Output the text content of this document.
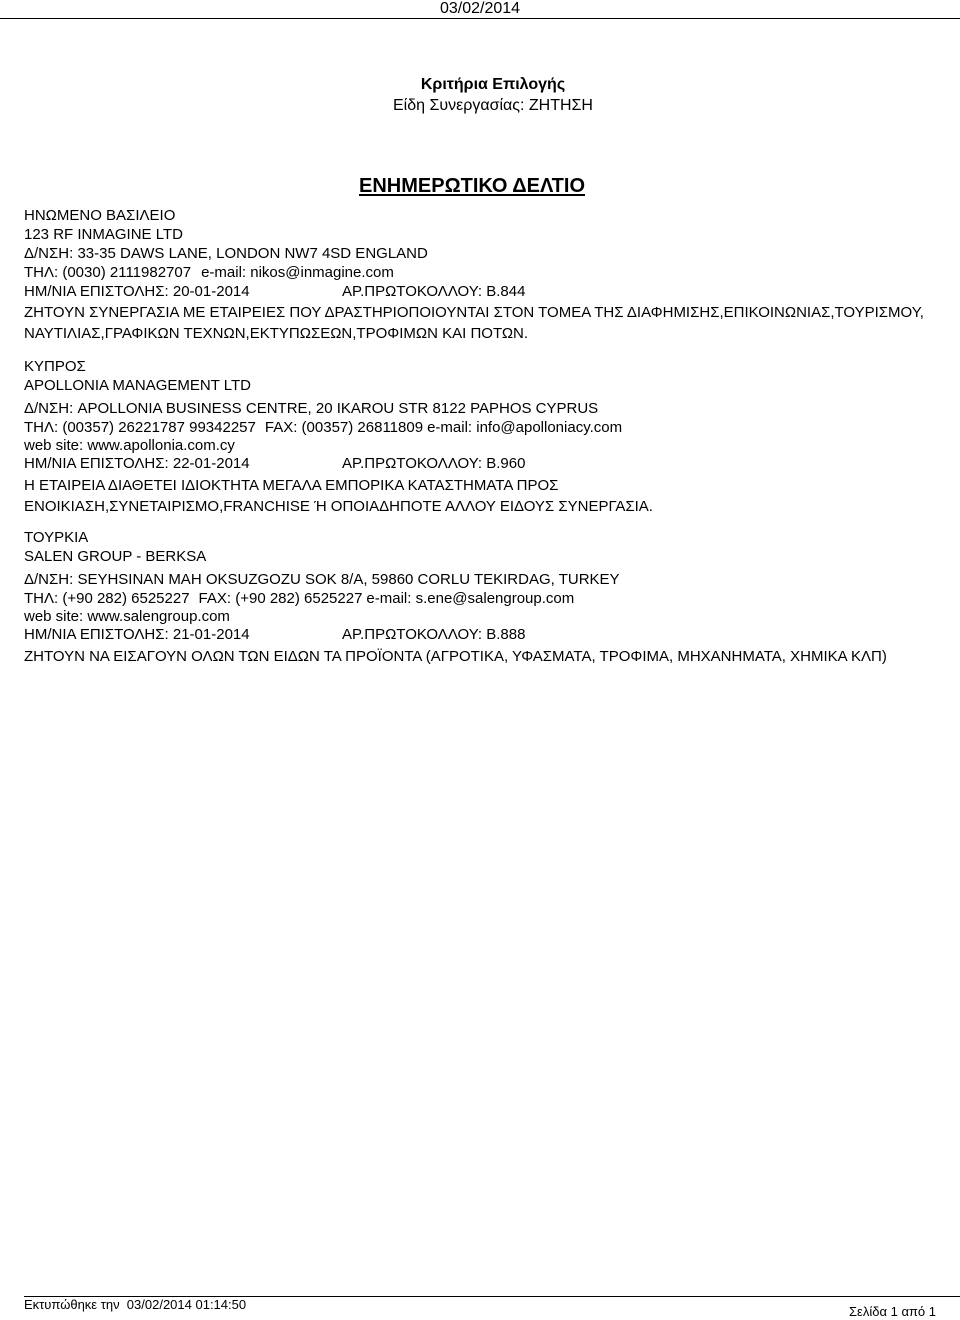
03/02/2014
Κριτήρια Επιλογής
Είδη Συνεργασίας: ΖΗΤΗΣΗ
ΕΝΗΜΕΡΩΤΙΚΟ ΔΕΛΤΙΟ
ΗΝΩΜΕΝΟ ΒΑΣΙΛΕΙΟ
123 RF INMAGINE LTD
Δ/ΝΣΗ: 33-35 DAWS LANE, LONDON NW7 4SD ENGLAND
ΤΗΛ: (0030) 2111982707 e-mail: nikos@inmagine.com
ΗΜ/ΝΙΑ ΕΠΙΣΤΟΛΗΣ: 20-01-2014	ΑΡ.ΠΡΩΤΟΚΟΛΛΟΥ: Β.844
ΖΗΤΟΥΝ ΣΥΝΕΡΓΑΣΙΑ ΜΕ ΕΤΑΙΡΕΙΕΣ ΠΟΥ ΔΡΑΣΤΗΡΙΟΠΟΙΟΥΝΤΑΙ ΣΤΟΝ ΤΟΜΕΑ ΤΗΣ ΔΙΑΦΗΜΙΣΗΣ,ΕΠΙΚΟΙΝΩΝΙΑΣ,ΤΟΥΡΙΣΜΟΥ, ΝΑΥΤΙΛΙΑΣ,ΓΡΑΦΙΚΩΝ ΤΕΧΝΩΝ,ΕΚΤΥΠΩΣΕΩΝ,ΤΡΟΦΙΜΩΝ ΚΑΙ ΠΟΤΩΝ.
ΚΥΠΡΟΣ
APOLLONIA MANAGEMENT LTD
Δ/ΝΣΗ: APOLLONIA BUSINESS CENTRE, 20 IKAROU STR 8122 PAPHOS CYPRUS
ΤΗΛ: (00357) 26221787 99342257 FAX: (00357) 26811809 e-mail: info@apolloniacy.com
web site: www.apollonia.com.cy
ΗΜ/ΝΙΑ ΕΠΙΣΤΟΛΗΣ: 22-01-2014	ΑΡ.ΠΡΩΤΟΚΟΛΛΟΥ: Β.960
Η ΕΤΑΙΡΕΙΑ ΔΙΑΘΕΤΕΙ ΙΔΙΟΚΤΗΤΑ ΜΕΓΑΛΑ ΕΜΠΟΡΙΚΑ ΚΑΤΑΣΤΗΜΑΤΑ ΠΡΟΣ ΕΝΟΙΚΙΑΣΗ,ΣΥΝΕΤΑΙΡΙΣΜΟ,FRANCHISE Ή ΟΠΟΙΑΔΗΠΟΤΕ ΑΛΛΟΥ ΕΙΔΟΥΣ ΣΥΝΕΡΓΑΣΙΑ.
ΤΟΥΡΚΙΑ
SALEN GROUP - BERKSA
Δ/ΝΣΗ: SEYHSINAN MAH OKSUZGOZU SOK 8/A, 59860 CORLU TEKIRDAG, TURKEY
ΤΗΛ: (+90 282) 6525227 FAX: (+90 282) 6525227 e-mail: s.ene@salengroup.com
web site: www.salengroup.com
ΗΜ/ΝΙΑ ΕΠΙΣΤΟΛΗΣ: 21-01-2014	ΑΡ.ΠΡΩΤΟΚΟΛΛΟΥ: Β.888
ΖΗΤΟΥΝ ΝΑ ΕΙΣΑΓΟΥΝ ΟΛΩΝ ΤΩΝ ΕΙΔΩΝ ΤΑ ΠΡΟΪΟΝΤΑ (ΑΓΡΟΤΙΚΑ, ΥΦΑΣΜΑΤΑ, ΤΡΟΦΙΜΑ, ΜΗΧΑΝΗΜΑΤΑ, ΧΗΜΙΚΑ ΚΛΠ)
Εκτυπώθηκε την  03/02/2014 01:14:50	Σελίδα 1 από 1
